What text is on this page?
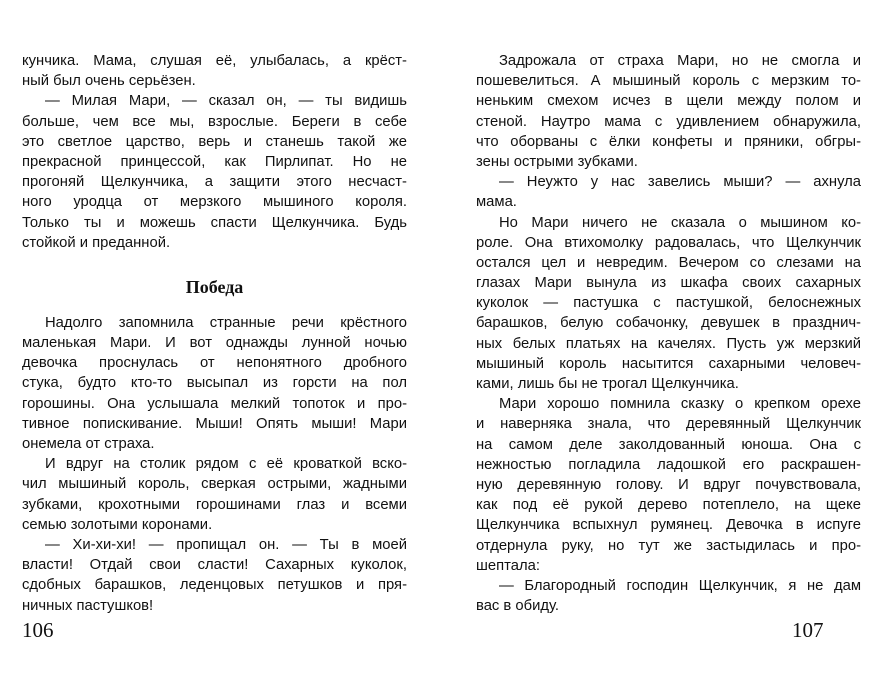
кунчика. Мама, слушая её, улыбалась, а крёст-
ный был очень серьёзен.
— Милая Мари, — сказал он, — ты видишь
больше, чем все мы, взрослые. Береги в себе
это светлое царство, верь и станешь такой же
прекрасной принцессой, как Пирлипат. Но не
прогоняй Щелкунчика, а защити этого несчаст-
ного уродца от мерзкого мышиного короля.
Только ты и можешь спасти Щелкунчика. Будь
стойкой и преданной.
Победа
Надолго запомнила странные речи крёстного
маленькая Мари. И вот однажды лунной ночью
девочка проснулась от непонятного дробного
стука, будто кто-то высыпал из горсти на пол
горошины. Она услышала мелкий топоток и про-
тивное попискивание. Мыши! Опять мыши! Мари
онемела от страха.
И вдруг на столик рядом с её кроваткой вско-
чил мышиный король, сверкая острыми, жадными
зубками, крохотными горошинами глаз и всеми
семью золотыми коронами.
— Хи-хи-хи! — пропищал он. — Ты в моей
власти! Отдай свои сласти! Сахарных куколок,
сдобных барашков, леденцовых петушков и пря-
ничных пастушков!
106
Задрожала от страха Мари, но не смогла и
пошевелиться. А мышиный король с мерзким то-
неньким смехом исчез в щели между полом и
стеной. Наутро мама с удивлением обнаружила,
что оборваны с ёлки конфеты и пряники, обгры-
зены острыми зубками.
— Неужто у нас завелись мыши? — ахнула
мама.
Но Мари ничего не сказала о мышином ко-
роле. Она втихомолку радовалась, что Щелкунчик
остался цел и невредим. Вечером со слезами на
глазах Мари вынула из шкафа своих сахарных
куколок — пастушка с пастушкой, белоснежных
барашков, белую собачонку, девушек в празднич-
ных белых платьях на качелях. Пусть уж мерзкий
мышиный король насытится сахарными человеч-
ками, лишь бы не трогал Щелкунчика.
Мари хорошо помнила сказку о крепком орехе
и наверняка знала, что деревянный Щелкунчик
на самом деле заколдованный юноша. Она с
нежностью погладила ладошкой его раскрашен-
ную деревянную голову. И вдруг почувствовала,
как под её рукой дерево потеплело, на щеке
Щелкунчика вспыхнул румянец. Девочка в испуге
отдернула руку, но тут же застыдилась и про-
шептала:
— Благородный господин Щелкунчик, я не дам
вас в обиду.
107
